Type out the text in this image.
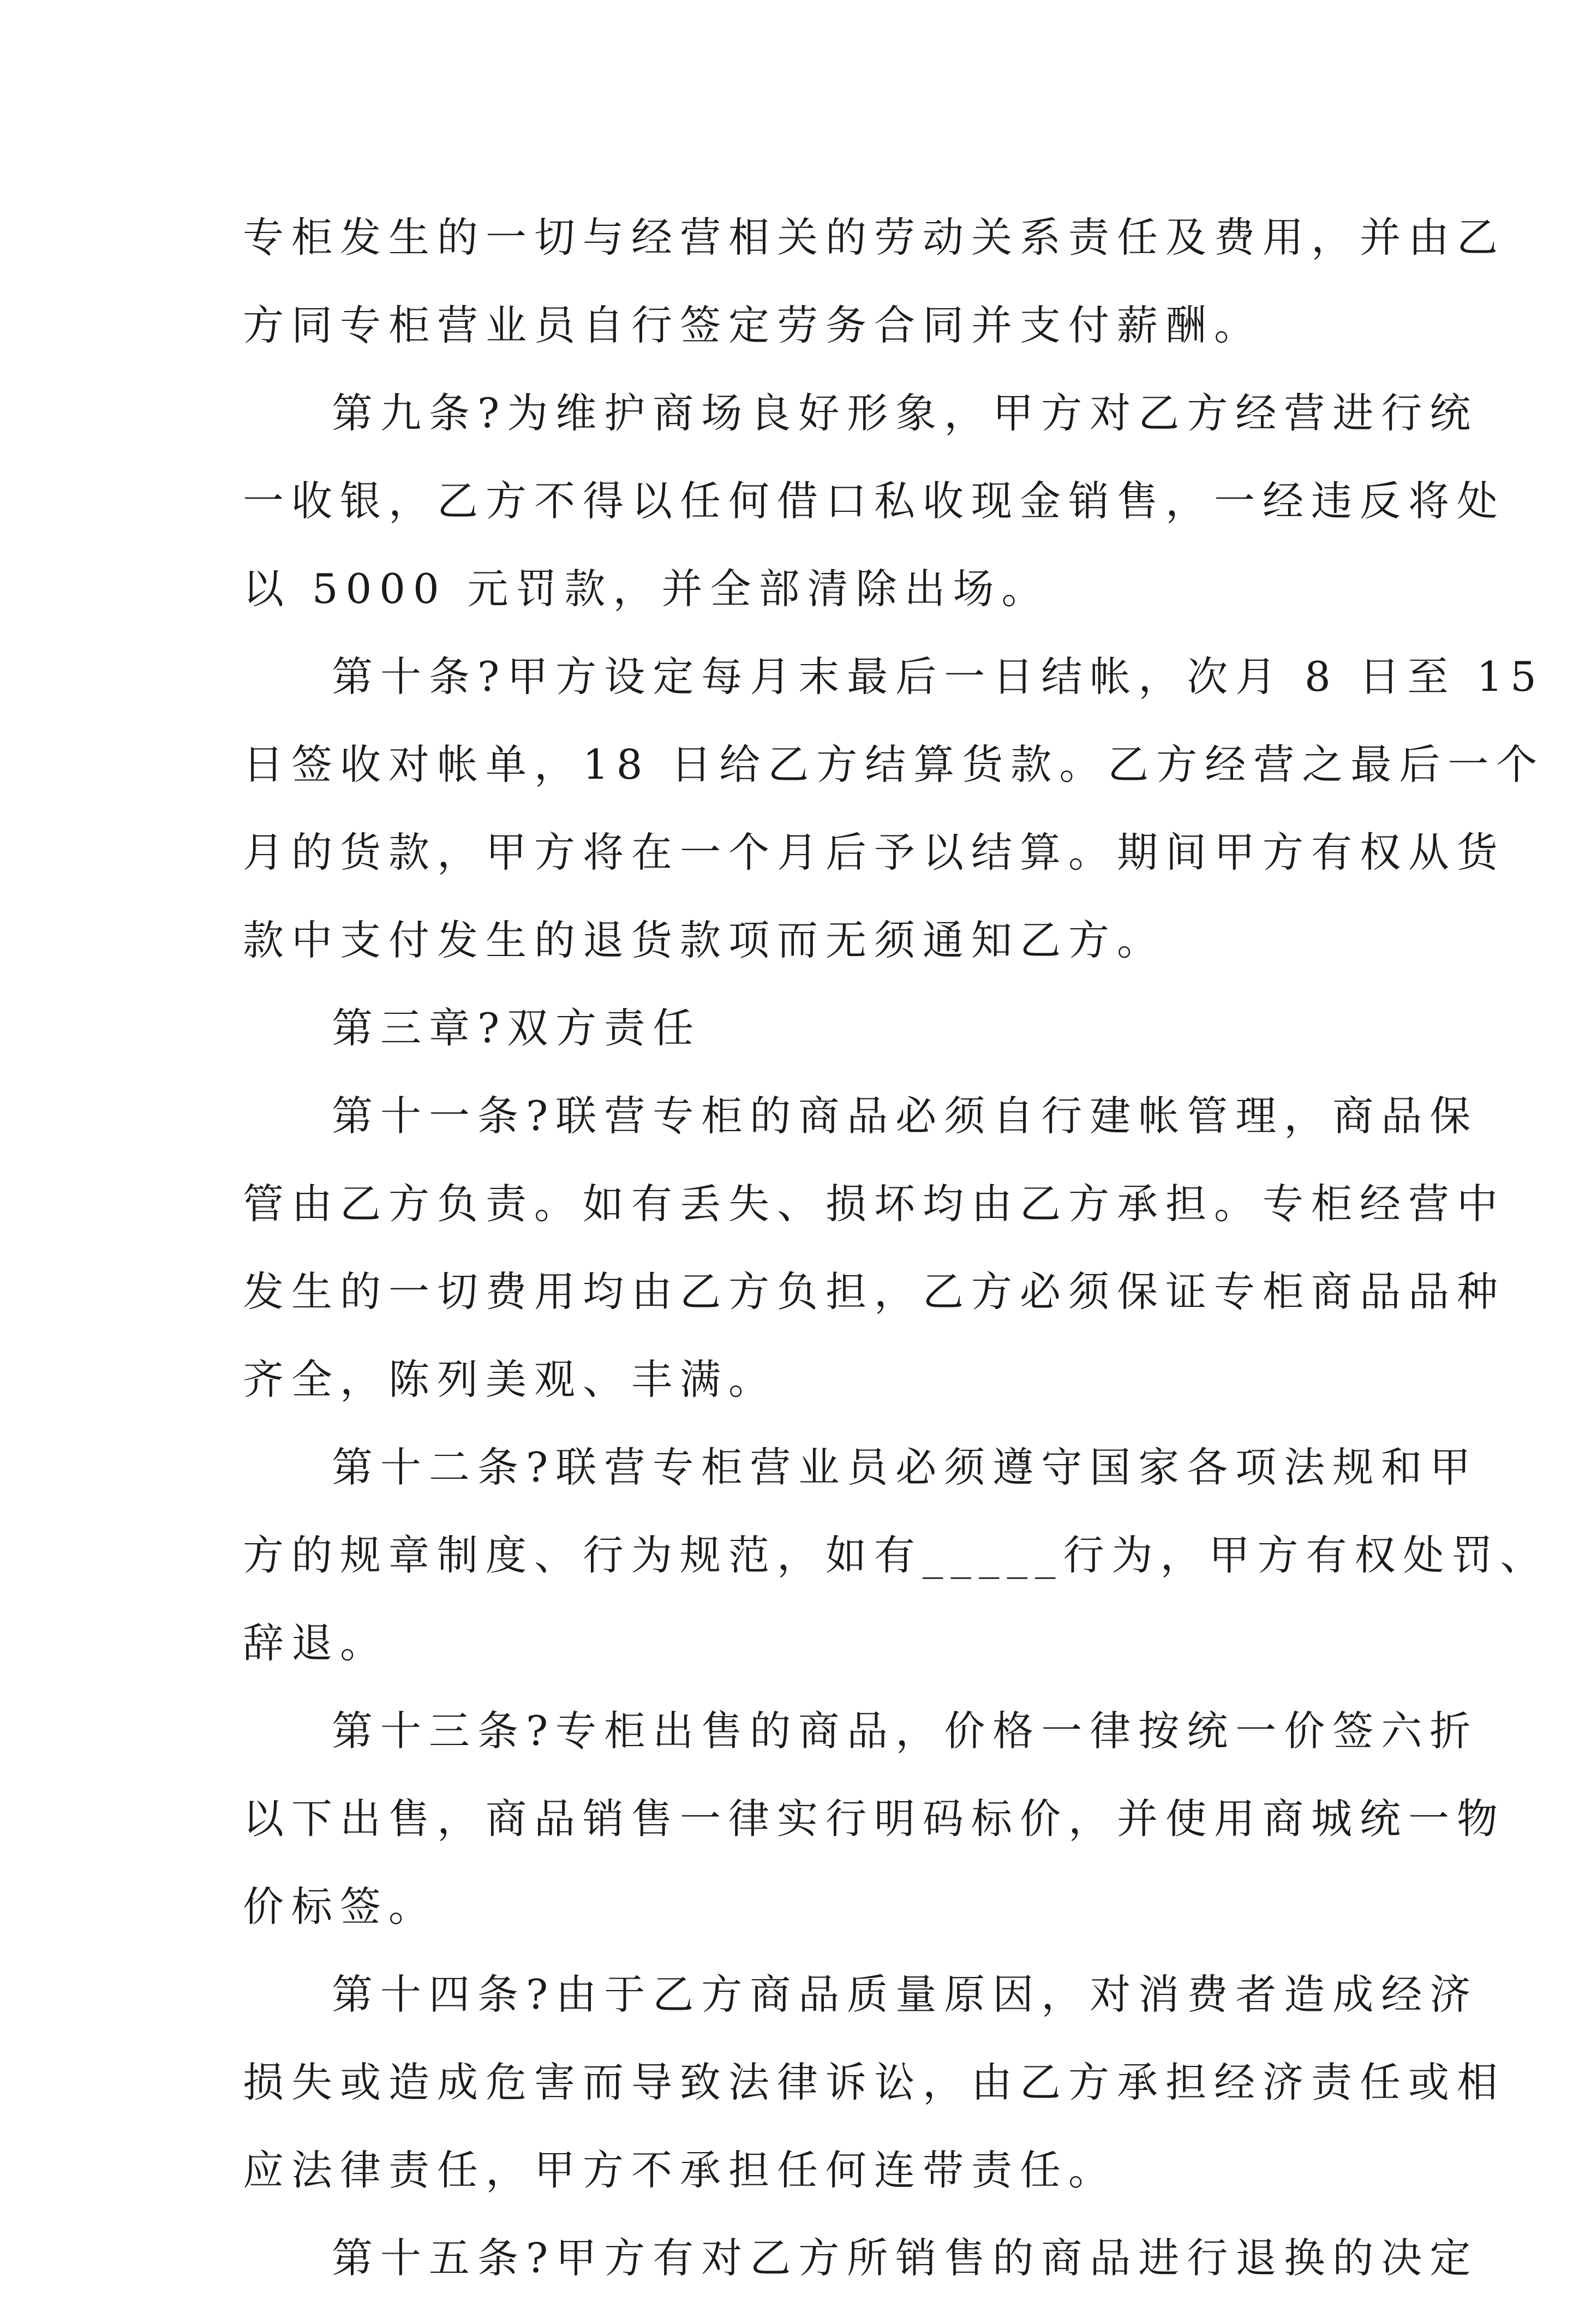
专柜发生的一切与经营相关的劳动关系责任及费用，并由乙
方同专柜营业员自行签定劳务合同并支付薪酬。
第九条?为维护商场良好形象，甲方对乙方经营进行统
一收银，乙方不得以任何借口私收现金销售，一经违反将处
以 5000 元罚款，并全部清除出场。
第十条?甲方设定每月末最后一日结帐，次月 8 日至 15
日签收对帐单，18 日给乙方结算货款。乙方经营之最后一个
月的货款，甲方将在一个月后予以结算。期间甲方有权从货
款中支付发生的退货款项而无须通知乙方。
第三章?双方责任
第十一条?联营专柜的商品必须自行建帐管理，商品保
管由乙方负责。如有丢失、损坏均由乙方承担。专柜经营中
发生的一切费用均由乙方负担，乙方必须保证专柜商品品种
齐全，陈列美观、丰满。
第十二条?联营专柜营业员必须遵守国家各项法规和甲
方的规章制度、行为规范，如有_____行为，甲方有权处罚、
辞退。
第十三条?专柜出售的商品，价格一律按统一价签六折
以下出售，商品销售一律实行明码标价，并使用商城统一物
价标签。
第十四条?由于乙方商品质量原因，对消费者造成经济
损失或造成危害而导致法律诉讼，由乙方承担经济责任或相
应法律责任，甲方不承担任何连带责任。
第十五条?甲方有对乙方所销售的商品进行退换的决定
